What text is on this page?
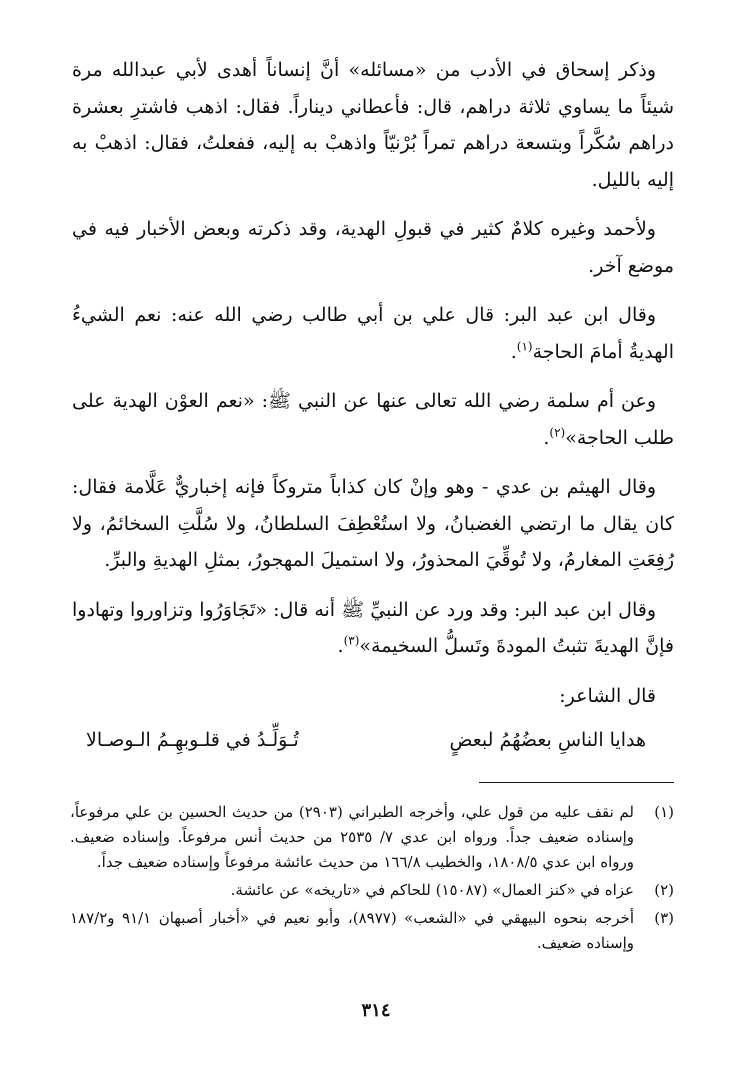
وذكر إسحاق في الأدب من «مسائله» أنَّ إنساناً أهدى لأبي عبدالله مرة شيئاً ما يساوي ثلاثة دراهم، قال: فأعطاني ديناراً. فقال: اذهب فاشترِ بعشرة دراهم سُكَّراً وبتسعة دراهم تمراً بُرْنيّاً واذهبْ به إليه، ففعلتُ، فقال: اذهبْ به إليه بالليل.

ولأحمد وغيره كلامٌ كثير في قبولِ الهدية، وقد ذكرته وبعض الأخبار فيه في موضع آخر.

وقال ابن عبد البر: قال علي بن أبي طالب رضي الله عنه: نعم الشيءُ الهديةُ أمامَ الحاجة$^{(١)}$.

وعن أم سلمة رضي الله تعالى عنها عن النبي ﷺ: «نعم العوْن الهدية على طلب الحاجة»$^{(٢)}$.

وقال الهيثم بن عدي - وهو وإنْ كان كذاباً متروكاً فإنه إخباريٌّ عَلَّامة فقال: كان يقال ما ارتضي الغضبانُ، ولا استُعْطِفَ السلطانُ، ولا سُلَّتِ السخائمُ، ولا رُفِعَتِ المغارمُ، ولا تُوقِّيَ المحذورُ، ولا استميلَ المهجورُ، بمثلِ الهديةِ والبرِّ.

وقال ابن عبد البر: وقد ورد عن النبيِّ ﷺ أنه قال: «تَجَاوَرُوا وتزاوروا وتهادوا فإنَّ الهديةَ تثبتُ المودةَ وتَسلُّ السخيمة»$^{(٣)}$.

قال الشاعر:

هدايا الناسِ بعضُهُمُ لبعضٍ
تُـوَلِّـدُ في قلـوبهِـمُ الـوصـالا
(١)
لم نقف عليه من قول علي، وأخرجه الطبراني (٢٩٠٣) من حديث الحسين بن علي مرفوعاً، وإسناده ضعيف جداً. ورواه ابن عدي ٧/ ٢٥٣٥ من حديث أنس مرفوعاً. وإسناده ضعيف. ورواه ابن عدي ١٨٠٨/٥، والخطيب ١٦٦/٨ من حديث عائشة مرفوعاً وإسناده ضعيف جداً.
(٢)
عزاه في «كنز العمال» (١٥٠٨٧) للحاكم في «تاريخه» عن عائشة.
(٣)
أخرجه بنحوه البيهقي في «الشعب» (٨٩٧٧)، وأبو نعيم في «أخبار أصبهان ٩١/١ و١٨٧/٢ وإسناده ضعيف.
٣١٤
